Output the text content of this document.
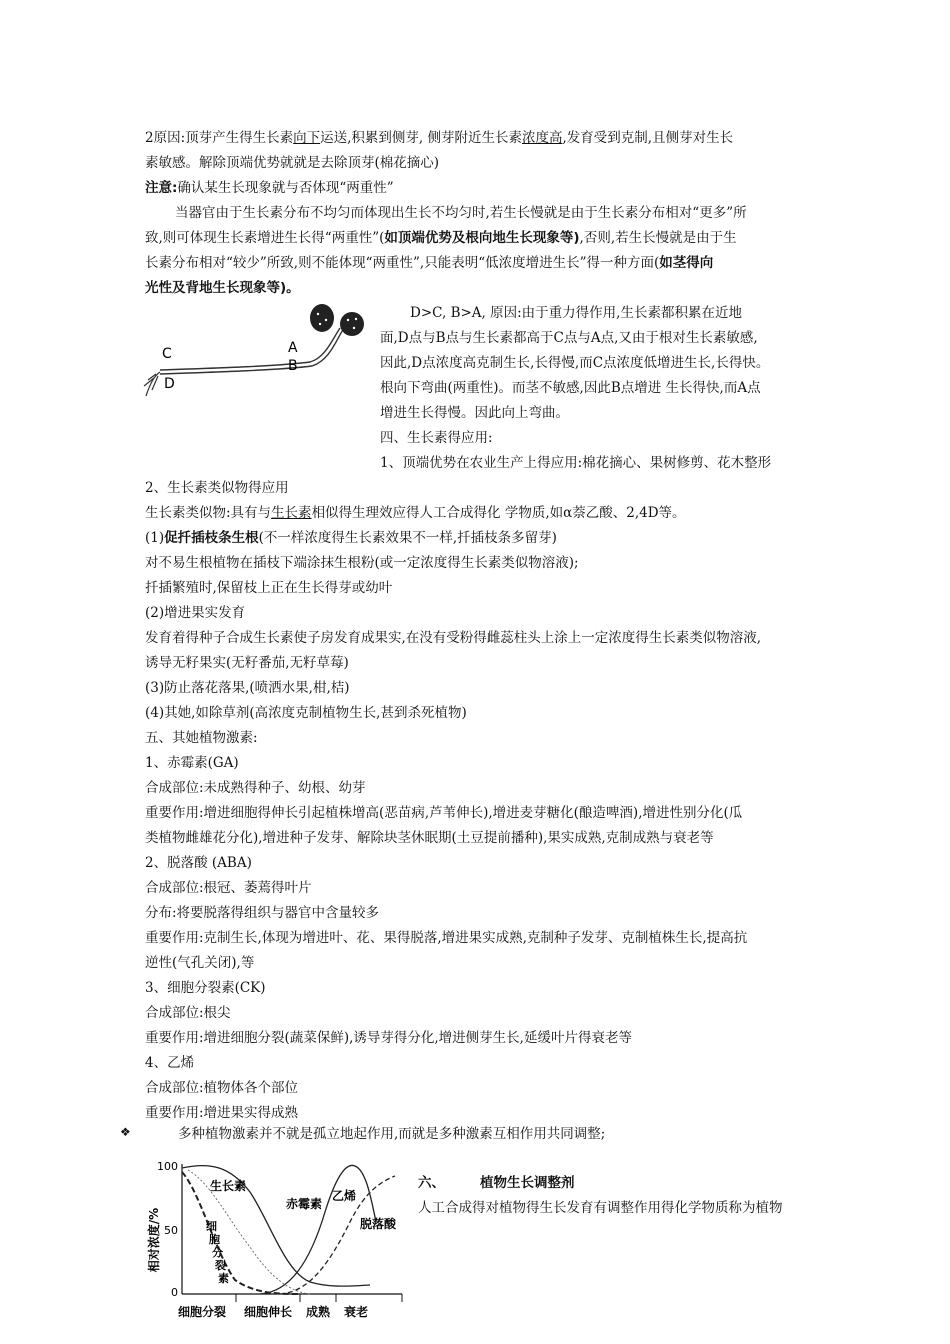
2原因:顶芽产生得生长素向下运送,积累到侧芽, 侧芽附近生长素浓度高,发育受到克制,且侧芽对生长
素敏感。解除顶端优势就就是去除顶芽(棉花摘心)
注意:确认某生长现象就与否体现“两重性”
当器官由于生长素分布不均匀而体现出生长不均匀时,若生长慢就是由于生长素分布相对“更多”所
致,则可体现生长素增进生长得“两重性”(如顶端优势及根向地生长现象等),否则,若生长慢就是由于生
长素分布相对“较少”所致,则不能体现“两重性”,只能表明“低浓度增进生长”得一种方面(如茎得向
光性及背地生长现象等)。
A
B
C
D
D>C, B>A, 原因:由于重力得作用,生长素都积累在近地
面,D点与B点与生长素都高于C点与A点,又由于根对生长素敏感,
因此,D点浓度高克制生长,长得慢,而C点浓度低增进生长,长得快。
根向下弯曲(两重性)。而茎不敏感,因此B点增进 生长得快,而A点
增进生长得慢。因此向上弯曲。
四、生长素得应用:
1、顶端优势在农业生产上得应用:棉花摘心、果树修剪、花木整形
2、生长素类似物得应用
生长素类似物:具有与生长素相似得生理效应得人工合成得化 学物质,如α萘乙酸、2,4D等。
(1)促扦插枝条生根(不一样浓度得生长素效果不一样,扦插枝条多留芽)
对不易生根植物在插枝下端涂抹生根粉(或一定浓度得生长素类似物溶液);
扦插繁殖时,保留枝上正在生长得芽或幼叶
(2)增进果实发育
发育着得种子合成生长素使子房发育成果实,在没有受粉得雌蕊柱头上涂上一定浓度得生长素类似物溶液,
诱导无籽果实(无籽番茄,无籽草莓)
(3)防止落花落果,(喷洒水果,柑,桔)
(4)其她,如除草剂(高浓度克制植物生长,甚到杀死植物)
五、其她植物激素:
1、赤霉素(GA)
合成部位:未成熟得种子、幼根、幼芽
重要作用:增进细胞得伸长引起植株增高(恶苗病,芦苇伸长),增进麦芽糖化(酿造啤酒),增进性别分化(瓜
类植物雌雄花分化),增进种子发芽、解除块茎休眠期(土豆提前播种),果实成熟,克制成熟与衰老等
2、脱落酸 (ABA)
合成部位:根冠、萎蔫得叶片
分布:将要脱落得组织与器官中含量较多
重要作用:克制生长,体现为增进叶、花、果得脱落,增进果实成熟,克制种子发芽、克制植株生长,提高抗
逆性(气孔关闭),等
3、细胞分裂素(CK)
合成部位:根尖
重要作用:增进细胞分裂(蔬菜保鲜),诱导芽得分化,增进侧芽生长,延缓叶片得衰老等
4、乙烯
合成部位:植物体各个部位
重要作用:增进果实得成熟
❖	多种植物激素并不就是孤立地起作用,而就是多种激素互相作用共同调整;
相对浓度/%
100
50
0
细胞分裂 细胞伸长 成熟 衰老
生长素
赤霉素
乙烯
脱落酸
细胞分裂素
六、	植物生长调整剂
人工合成得对植物得生长发育有调整作用得化学物质称为植物
